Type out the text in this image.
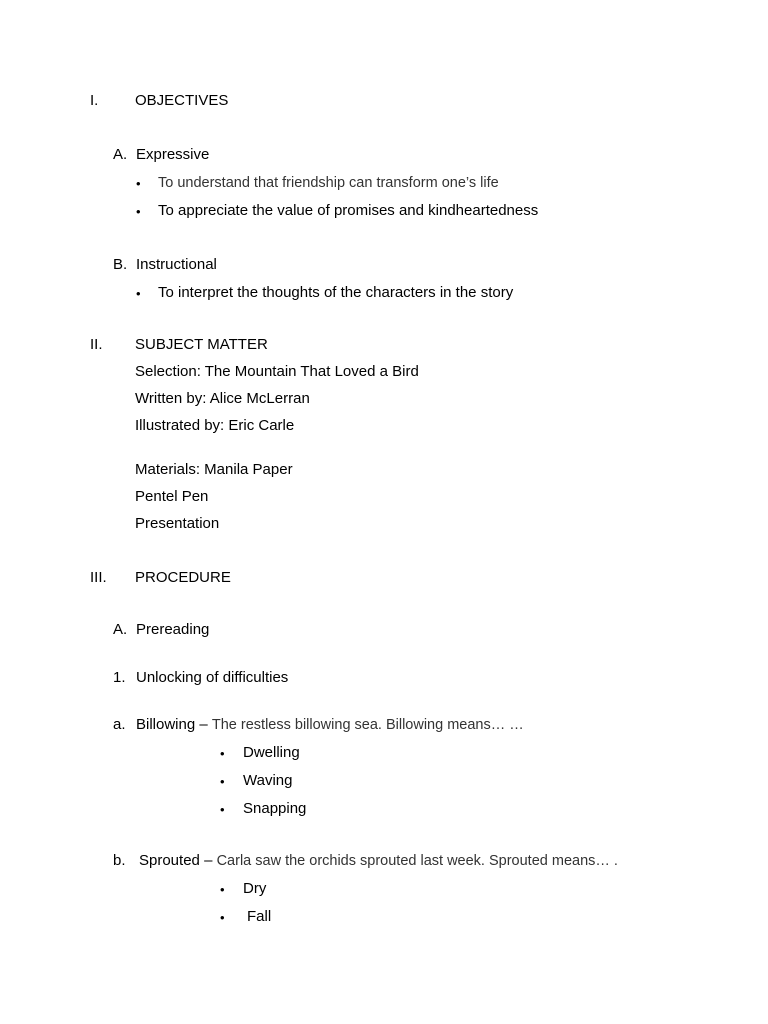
I. OBJECTIVES
A. Expressive
• To understand that friendship can transform one’s life
• To appreciate the value of promises and kindheartedness
B. Instructional
• To interpret the thoughts of the characters in the story
II. SUBJECT MATTER
Selection: The Mountain That Loved a Bird
Written by: Alice McLerran
Illustrated by: Eric Carle
Materials: Manila Paper
Pentel Pen
Presentation
III. PROCEDURE
A. Prereading
1. Unlocking of difficulties
a. Billowing – The restless billowing sea. Billowing means… …
• Dwelling
• Waving
• Snapping
b. Sprouted – Carla saw the orchids sprouted last week. Sprouted means… .
• Dry
• Fall
